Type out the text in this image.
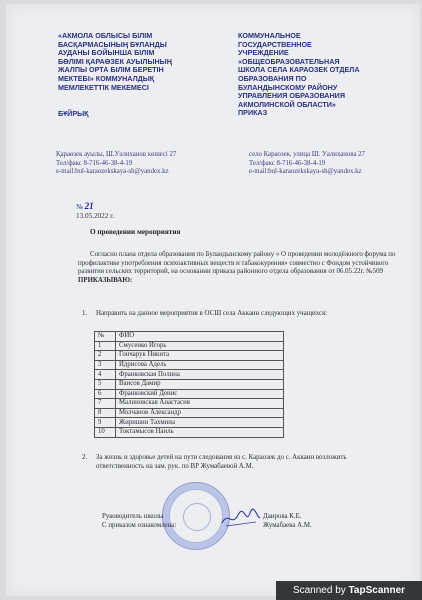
«АКМОЛА ОБЛЫСЫ БІЛІМ
БАСҚАРМАСЫНЫҢ БҰЛАНДЫ
АУДАНЫ БОЙЫНША БІЛІМ
БӨЛІМІ ҚАРАӨЗЕК АУЫЛЫНЫҢ
ЖАЛПЫ ОРТА БІЛІМ БЕРЕТІН
МЕКТЕБІ» КОММУНАЛДЫҚ
МЕМЛЕКЕТТІК МЕКЕМЕСІ
БҰЙРЫҚ
КОММУНАЛЬНОЕ
ГОСУДАРСТВЕННОЕ
УЧРЕЖДЕНИЕ
«ОБЩЕОБРАЗОВАТЕЛЬНАЯ
ШКОЛА СЕЛА КАРАОЗЕК ОТДЕЛА
ОБРАЗОВАНИЯ ПО
БУЛАНДЫНСКОМУ РАЙОНУ
УПРАВЛЕНИЯ ОБРАЗОВАНИЯ
АКМОЛИНСКОЙ ОБЛАСТИ»
ПРИКАЗ
Қараөзек ауылы, Ш.Уәлиханов көшесі 27
Тел/факс 8-716-46-38-4-19
e-mail:bul-karaozekskaya-sh@yandex.kz
село Караозек, улица Ш. Уалиханова 27
Тел/факс 8-716-46-38-4-19
e-mail:bul-karaozekskaya-sh@yandex.kz
№ 21
13.05.2022 г.
О проведении мероприятия

Согласно плана отдела образования по Буландынскому району « О проведении молодёжного форума по профилактике употребления психоактивных веществ и табакокурения» совместно с Фондом устойчивого развития сельских территорий, на основании приказа районного отдела образования от 06.05.22г. №509

ПРИКАЗЫВАЮ:

1. Направить на данное мероприятия в ОСШ села Аккаин следующих учащихся:
№	ФИО
1	Смусенко Игорь
2	Гончарук Никита
3	Идрисова Адель
4	Франковская Полина
5	Ваисов Дамир
6	Франковский Денис
7	Малиновская Анастасия
8	Молчанов Александр
9	Жиришин Тахмина
10	Токтамысов Наиль
2. За жизнь и здоровье детей на пути следования из с. Караозек до с. Аккаин возложить ответственность на зам. рук. по ВР Жумабаевой А.М.
Руководитель школы
С приказом ознакомлена:
Даирова К.Е.
Жумабаева А.М.
Scanned by TapScanner
